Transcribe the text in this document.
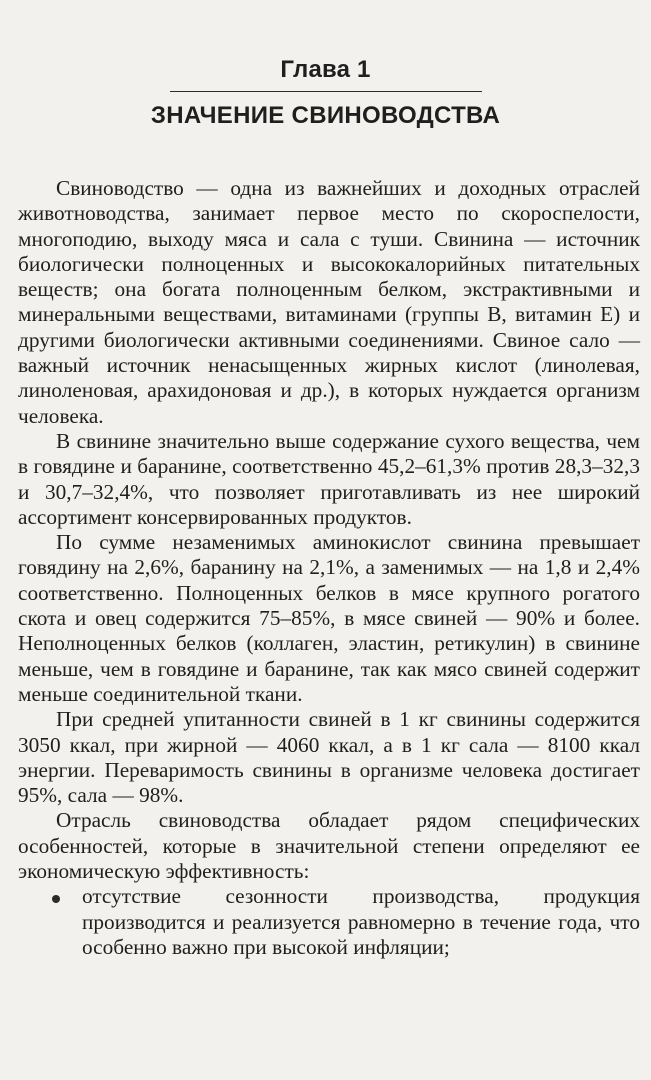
Глава 1
ЗНАЧЕНИЕ СВИНОВОДСТВА

Свиноводство — одна из важнейших и доходных отраслей животноводства, занимает первое место по скороспелости, многоподию, выходу мяса и сала с туши. Свинина — источник биологически полноценных и высококалорийных питательных веществ; она богата полноценным белком, экстрактивными и минеральными веществами, витаминами (группы В, витамин Е) и другими биологически активными соединениями. Свиное сало — важный источник ненасыщенных жирных кислот (линолевая, линоленовая, арахидоновая и др.), в которых нуждается организм человека.

В свинине значительно выше содержание сухого вещества, чем в говядине и баранине, соответственно 45,2–61,3% против 28,3–32,3 и 30,7–32,4%, что позволяет приготавливать из нее широкий ассортимент консервированных продуктов.

По сумме незаменимых аминокислот свинина превышает говядину на 2,6%, баранину на 2,1%, а заменимых — на 1,8 и 2,4% соответственно. Полноценных белков в мясе крупного рогатого скота и овец содержится 75–85%, в мясе свиней — 90% и более. Неполноценных белков (коллаген, эластин, ретикулин) в свинине меньше, чем в говядине и баранине, так как мясо свиней содержит меньше соединительной ткани.

При средней упитанности свиней в 1 кг свинины содержится 3050 ккал, при жирной — 4060 ккал, а в 1 кг сала — 8100 ккал энергии. Переваримость свинины в организме человека достигает 95%, сала — 98%.

Отрасль свиноводства обладает рядом специфических особенностей, которые в значительной степени определяют ее экономическую эффективность:

отсутствие сезонности производства, продукция производится и реализуется равномерно в течение года, что особенно важно при высокой инфляции;
